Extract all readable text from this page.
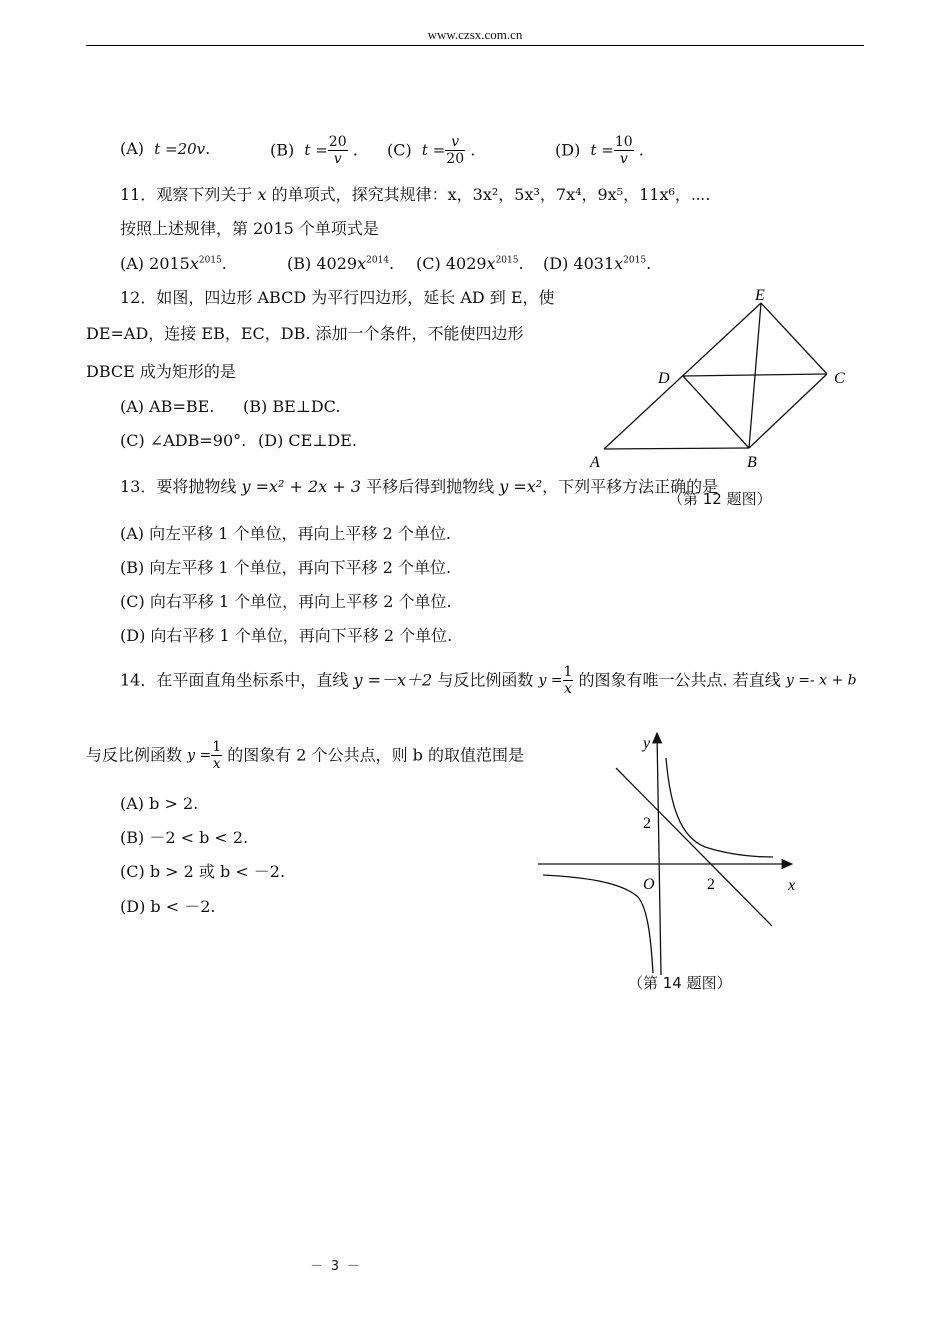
www.czsx.com.cn
(A) t =20v.	(B) $t = \frac{20}{v}$ . (C) $t = \frac{v}{20}$ .	(D) $t = \frac{10}{v}$ .
11．观察下列关于 x 的单项式，探究其规律：x，3x²，5x³，7x⁴，9x⁵，11x⁶，⋯.
按照上述规律，第 2015 个单项式是
(A) $2015x^{2015}$.	(B) $4029x^{2014}$. (C) $4029x^{2015}$. (D) $4031x^{2015}$.
12．如图，四边形 ABCD 为平行四边形，延长 AD 到 E，使
DE=AD，连接 EB，EC，DB. 添加一个条件，不能使四边形
DBCE 成为矩形的是
(A) AB=BE. (B) BE⊥DC.
(C) ∠ADB=90°. (D) CE⊥DE.
E
D	C
A	B
13．要将抛物线 y =x² + 2x + 3 平移后得到抛物线 y =x²，下列平移方法正确的是
（第 12 题图）
(A) 向左平移 1 个单位，再向上平移 2 个单位.
(B) 向左平移 1 个单位，再向下平移 2 个单位.
(C) 向右平移 1 个单位，再向上平移 2 个单位.
(D) 向右平移 1 个单位，再向下平移 2 个单位.
14．在平面直角坐标系中，直线 y =－x＋2 与反比例函数 $y = \frac{1}{x}$ 的图象有唯一公共点. 若直线 y =- x + b
与反比例函数 $y = \frac{1}{x}$ 的图象有 2 个公共点，则 b 的取值范围是
(A) b > 2.
(B) －2 < b < 2.
(C) b > 2 或 b < －2.
(D) b < －2.
y
x
O	2
2
（第 14 题图）
－ 3 －
